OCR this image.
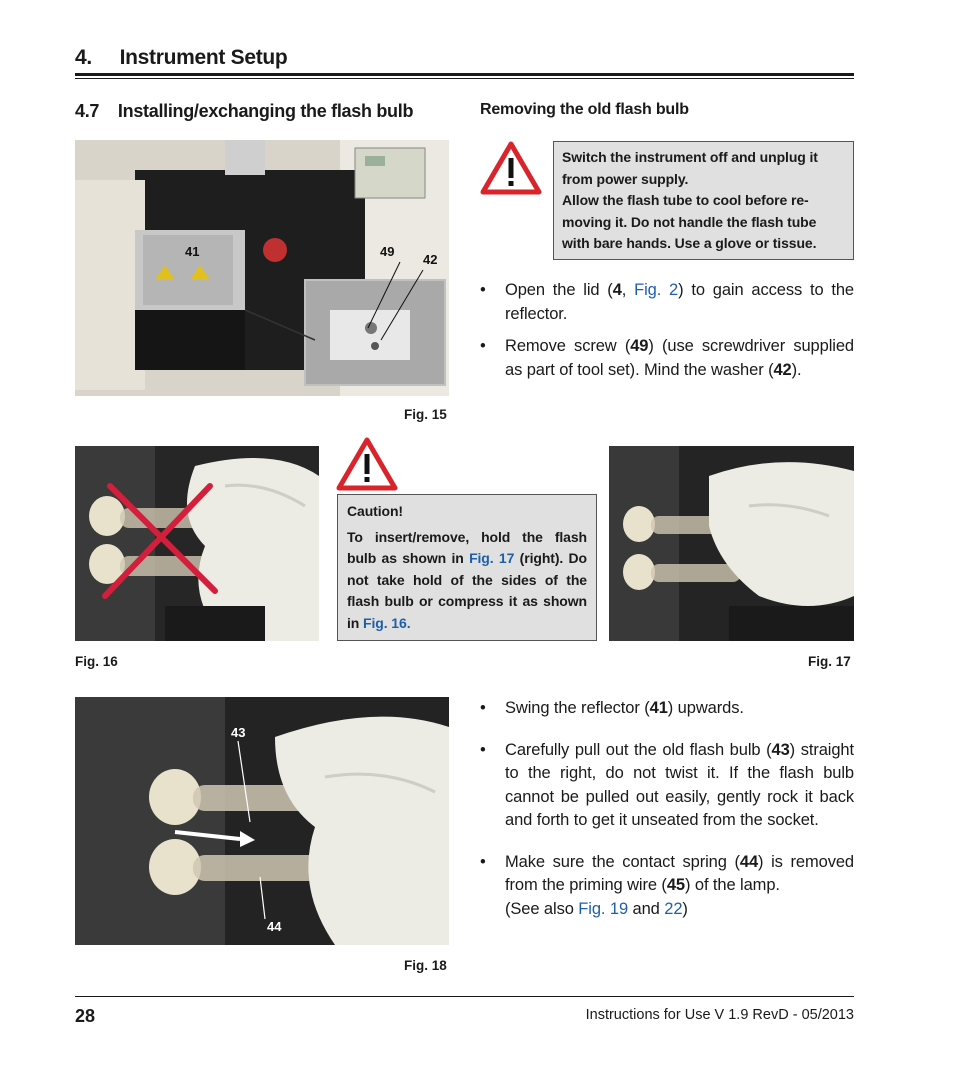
4.     Instrument Setup
4.7    Installing/exchanging the flash bulb	Removing the old flash bulb
41	49
42
Fig. 15
Switch the instrument off and unplug it
from power supply.
Allow the flash tube to cool before re-
moving it. Do not handle the flash tube
with bare hands. Use a glove or tissue.
• Open the lid (4, Fig. 2) to gain access to the reflector.
• Remove screw (49) (use screwdriver supplied as part of tool set). Mind the washer (42).
Fig. 16
Caution!
To insert/remove, hold the flash bulb as shown in Fig. 17 (right). Do not take hold of the sides of the flash bulb or compress it as shown in Fig. 16.
Fig. 17
43
44
Fig. 18
• Swing the reflector (41) upwards.
• Carefully pull out the old flash bulb (43) straight to the right, do not twist it. If the flash bulb cannot be pulled out easily, gently rock it back and forth to get it unseated from the socket.
• Make sure the contact spring (44) is removed from the priming wire (45) of the lamp.
(See also Fig. 19 and 22)
28	Instructions for Use V 1.9 RevD - 05/2013
